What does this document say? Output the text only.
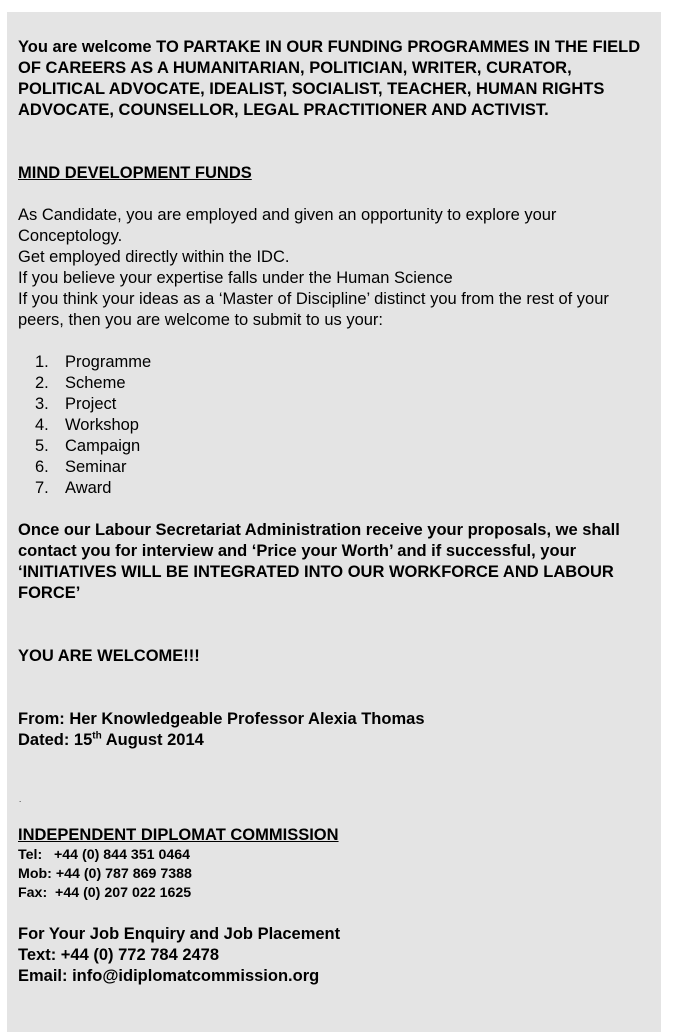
You are welcome TO PARTAKE IN OUR FUNDING PROGRAMMES IN THE FIELD OF CAREERS AS A HUMANITARIAN, POLITICIAN, WRITER, CURATOR, POLITICAL ADVOCATE, IDEALIST, SOCIALIST, TEACHER, HUMAN RIGHTS ADVOCATE, COUNSELLOR, LEGAL PRACTITIONER AND ACTIVIST.

MIND DEVELOPMENT FUNDS

As Candidate, you are employed and given an opportunity to explore your Conceptology.

Get employed directly within the IDC.

If you believe your expertise falls under the Human Science

If you think your ideas as a ‘Master of Discipline’ distinct you from the rest of your peers, then you are welcome to submit to us your:

1. Programme
2. Scheme
3. Project
4. Workshop
5. Campaign
6. Seminar
7. Award

Once our Labour Secretariat Administration receive your proposals, we shall contact you for interview and ‘Price your Worth’ and if successful, your ‘INITIATIVES WILL BE INTEGRATED INTO OUR WORKFORCE AND LABOUR FORCE’

YOU ARE WELCOME!!!

From: Her Knowledgeable Professor Alexia Thomas

Dated: 15th August 2014

.

INDEPENDENT DIPLOMAT COMMISSION

Tel:   +44 (0) 844 351 0464

Mob: +44 (0) 787 869 7388

Fax:  +44 (0) 207 022 1625

For Your Job Enquiry and Job Placement

Text: +44 (0) 772 784 2478

Email: info@idiplomatcommission.org
